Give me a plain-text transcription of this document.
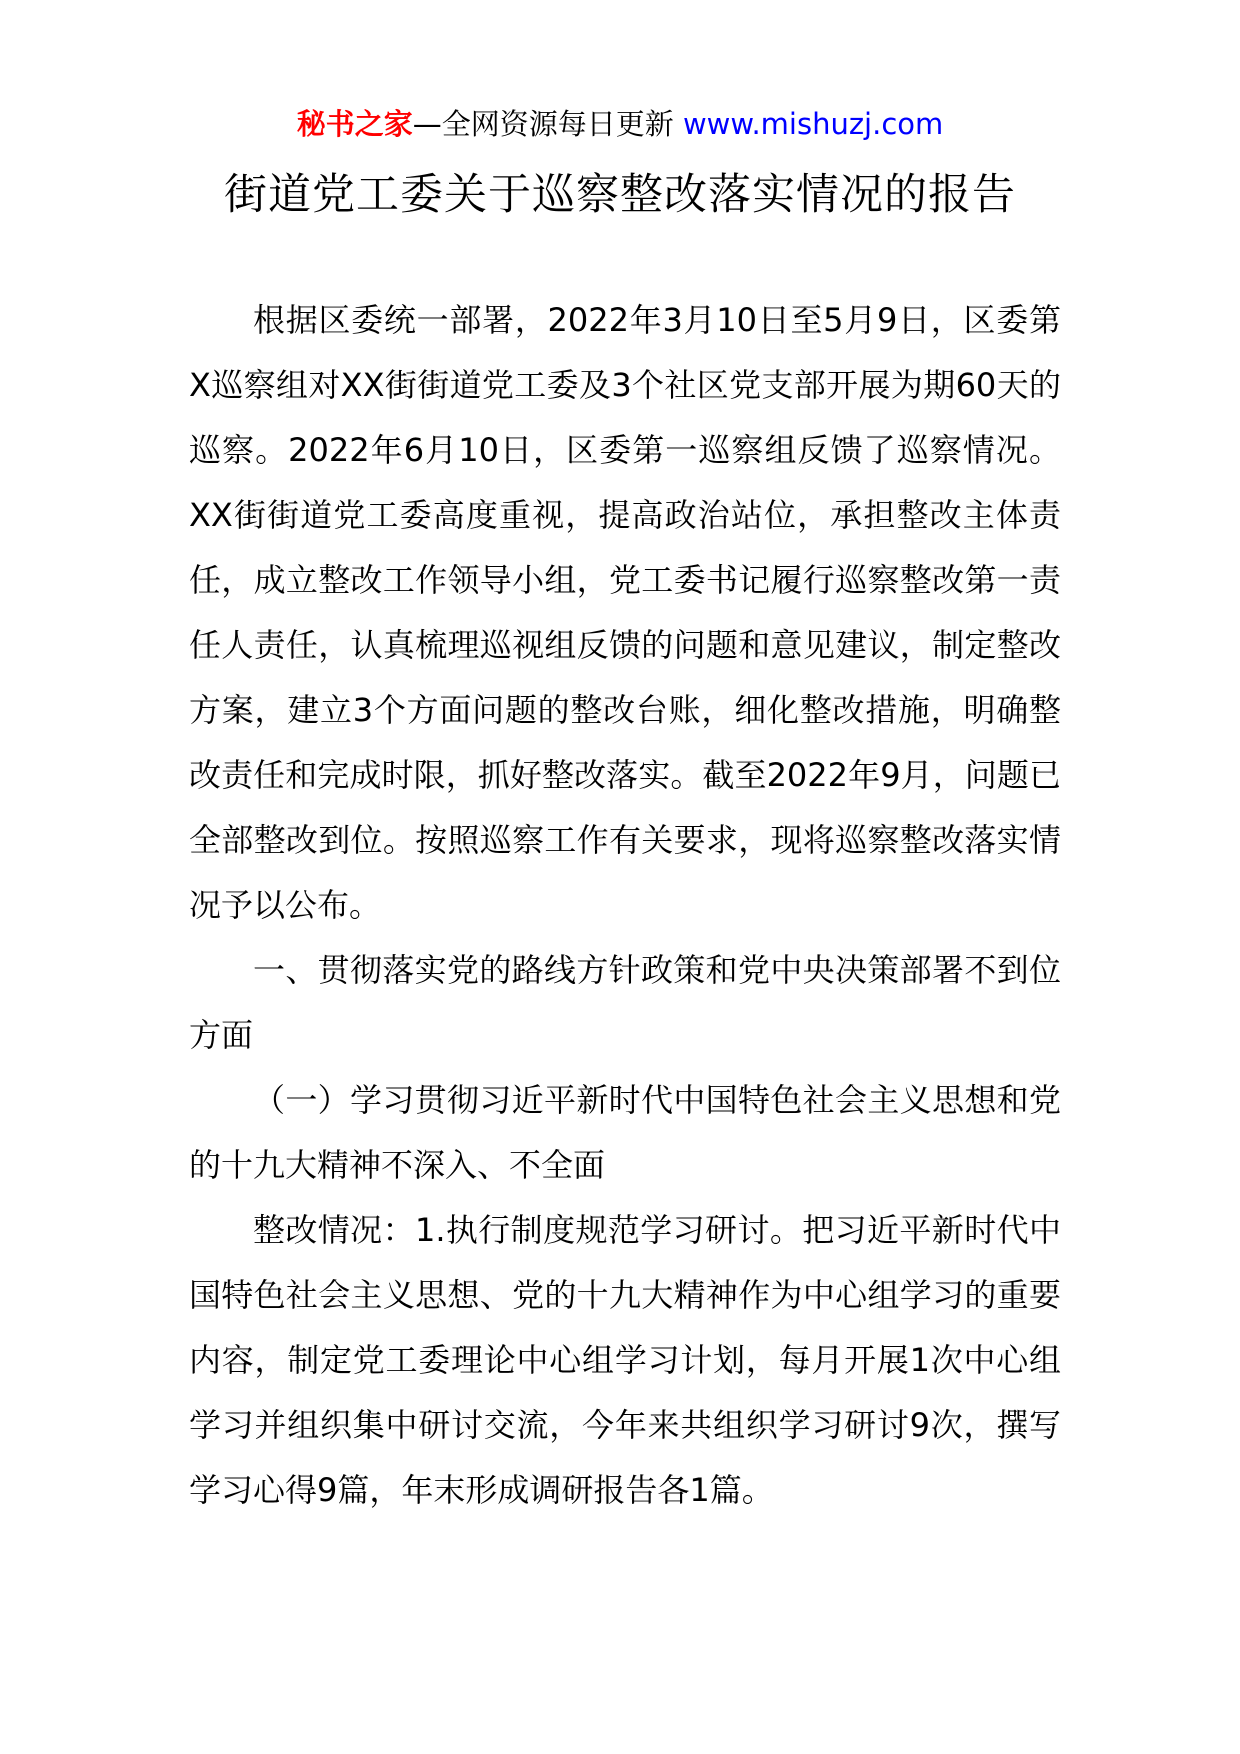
秘书之家—全网资源每日更新 www.mishuzj.com
街道党工委关于巡察整改落实情况的报告

根据区委统一部署，2022年3月10日至5月9日，区委第X巡察组对XX街街道党工委及3个社区党支部开展为期60天的巡察。2022年6月10日，区委第一巡察组反馈了巡察情况。XX街街道党工委高度重视，提高政治站位，承担整改主体责任，成立整改工作领导小组，党工委书记履行巡察整改第一责任人责任，认真梳理巡视组反馈的问题和意见建议，制定整改方案，建立3个方面问题的整改台账，细化整改措施，明确整改责任和完成时限，抓好整改落实。截至2022年9月，问题已全部整改到位。按照巡察工作有关要求，现将巡察整改落实情况予以公布。

一、贯彻落实党的路线方针政策和党中央决策部署不到位方面

（一）学习贯彻习近平新时代中国特色社会主义思想和党的十九大精神不深入、不全面

整改情况：1.执行制度规范学习研讨。把习近平新时代中国特色社会主义思想、党的十九大精神作为中心组学习的重要内容，制定党工委理论中心组学习计划，每月开展1次中心组学习并组织集中研讨交流，今年来共组织学习研讨9次，撰写学习心得9篇，年末形成调研报告各1篇。
